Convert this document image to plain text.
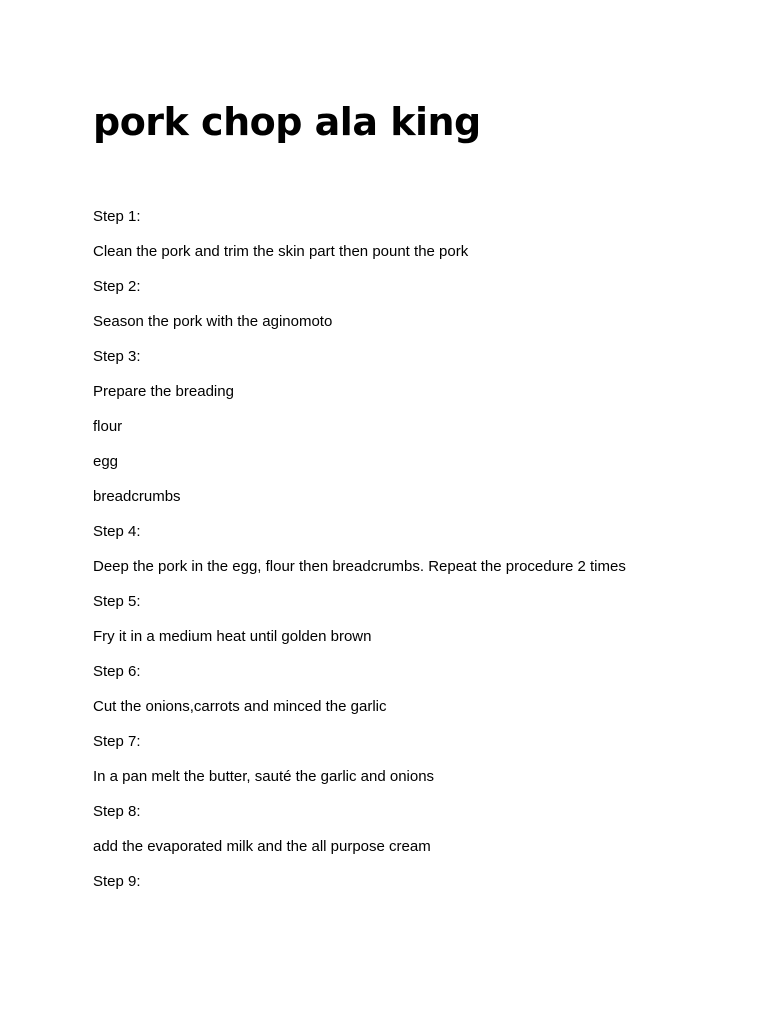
pork chop ala king

Step 1:

Clean the pork and trim the skin part then pount the pork

Step 2:

Season the pork with the aginomoto

Step 3:

Prepare the breading

flour

egg

breadcrumbs

Step 4:

Deep the pork in the egg, flour then breadcrumbs. Repeat the procedure 2 times

Step 5:

Fry it in a medium heat until golden brown

Step 6:

Cut the onions,carrots and minced the garlic

Step 7:

In a pan melt the butter, sauté the garlic and onions

Step 8:

add the evaporated milk and the all purpose cream

Step 9:
